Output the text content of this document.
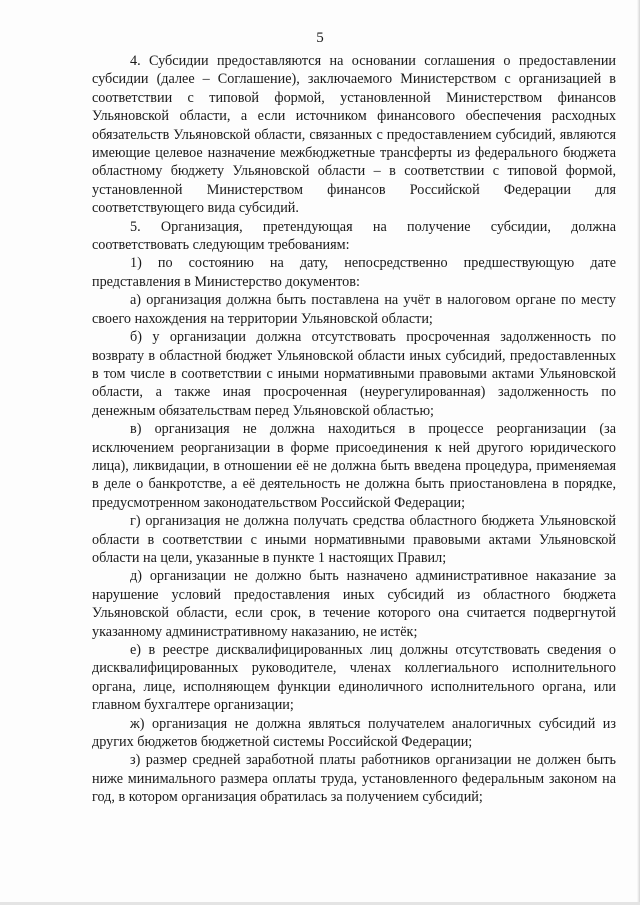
5

4. Субсидии предоставляются на основании соглашения о предоставлении субсидии (далее – Соглашение), заключаемого Министерством с организацией в соответствии с типовой формой, установленной Министерством финансов Ульяновской области, а если источником финансового обеспечения расходных обязательств Ульяновской области, связанных с предоставлением субсидий, являются имеющие целевое назначение межбюджетные трансферты из федерального бюджета областному бюджету Ульяновской области – в соответствии с типовой формой, установленной Министерством финансов Российской Федерации для соответствующего вида субсидий.

5. Организация, претендующая на получение субсидии, должна соответствовать следующим требованиям:

1) по состоянию на дату, непосредственно предшествующую дате представления в Министерство документов:

а) организация должна быть поставлена на учёт в налоговом органе по месту своего нахождения на территории Ульяновской области;

б) у организации должна отсутствовать просроченная задолженность по возврату в областной бюджет Ульяновской области иных субсидий, предоставленных в том числе в соответствии с иными нормативными правовыми актами Ульяновской области, а также иная просроченная (неурегулированная) задолженность по денежным обязательствам перед Ульяновской областью;

в) организация не должна находиться в процессе реорганизации (за исключением реорганизации в форме присоединения к ней другого юридического лица), ликвидации, в отношении её не должна быть введена процедура, применяемая в деле о банкротстве, а её деятельность не должна быть приостановлена в порядке, предусмотренном законодательством Российской Федерации;

г) организация не должна получать средства областного бюджета Ульяновской области в соответствии с иными нормативными правовыми актами Ульяновской области на цели, указанные в пункте 1 настоящих Правил;

д) организации не должно быть назначено административное наказание за нарушение условий предоставления иных субсидий из областного бюджета Ульяновской области, если срок, в течение которого она считается подвергнутой указанному административному наказанию, не истёк;

е) в реестре дисквалифицированных лиц должны отсутствовать сведения о дисквалифицированных руководителе, членах коллегиального исполнительного органа, лице, исполняющем функции единоличного исполнительного органа, или главном бухгалтере организации;

ж) организация не должна являться получателем аналогичных субсидий из других бюджетов бюджетной системы Российской Федерации;

з) размер средней заработной платы работников организации не должен быть ниже минимального размера оплаты труда, установленного федеральным законом на год, в котором организация обратилась за получением субсидий;
